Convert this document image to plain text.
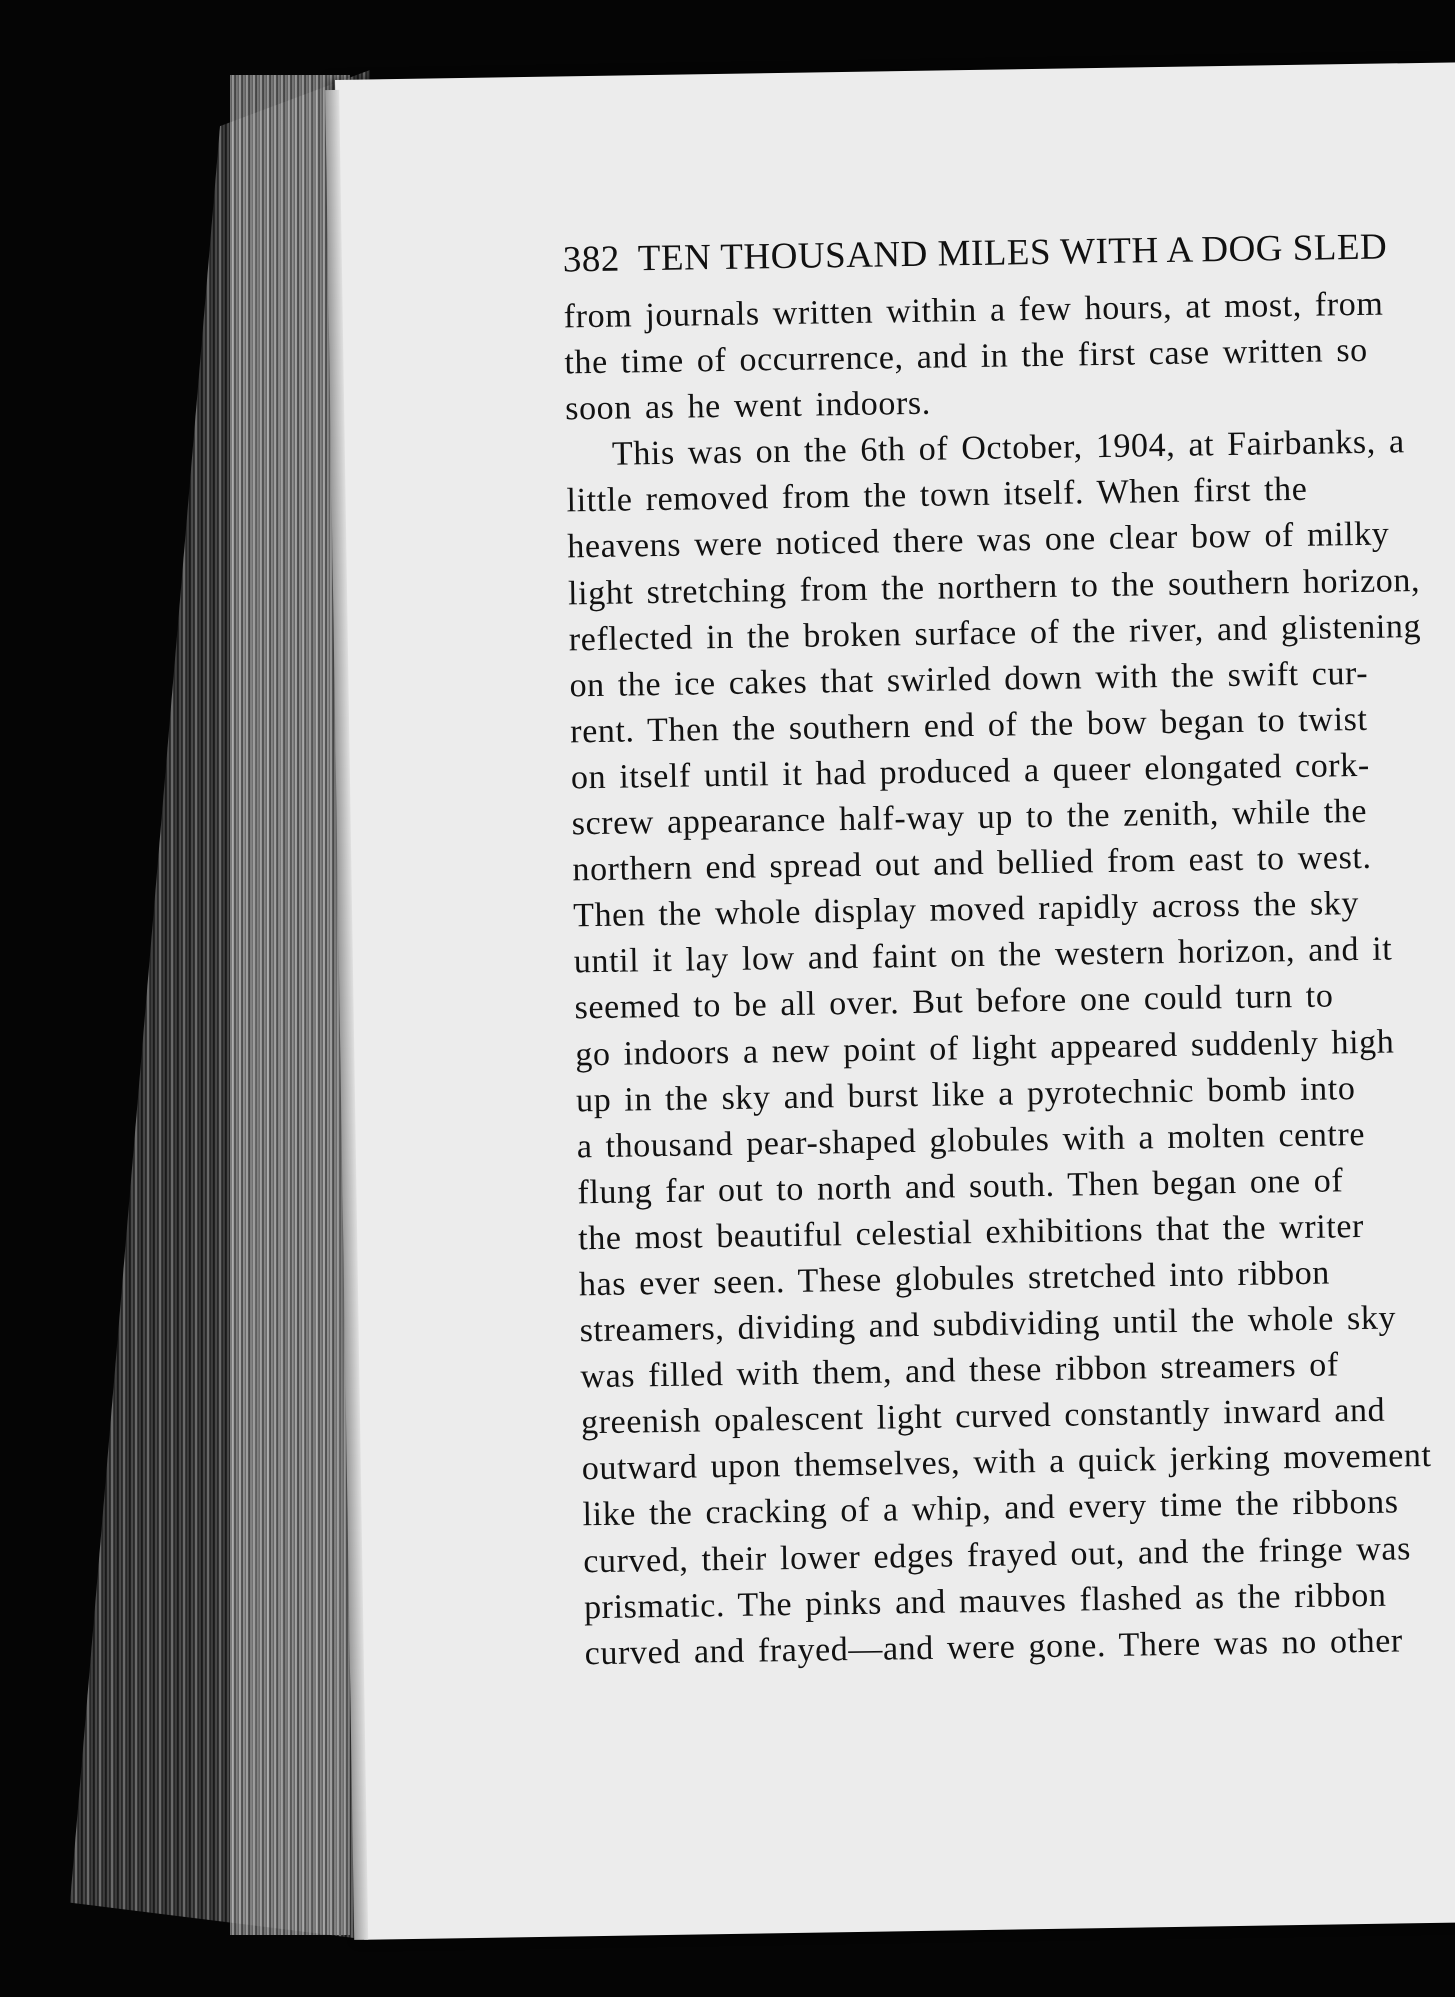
382 TEN THOUSAND MILES WITH A DOG SLED
from journals written within a few hours, at most, from
the time of occurrence, and in the first case written so
soon as he went indoors.
This was on the 6th of October, 1904, at Fairbanks, a
little removed from the town itself. When first the
heavens were noticed there was one clear bow of milky
light stretching from the northern to the southern horizon,
reflected in the broken surface of the river, and glistening
on the ice cakes that swirled down with the swift cur-
rent. Then the southern end of the bow began to twist
on itself until it had produced a queer elongated cork-
screw appearance half-way up to the zenith, while the
northern end spread out and bellied from east to west.
Then the whole display moved rapidly across the sky
until it lay low and faint on the western horizon, and it
seemed to be all over. But before one could turn to
go indoors a new point of light appeared suddenly high
up in the sky and burst like a pyrotechnic bomb into
a thousand pear-shaped globules with a molten centre
flung far out to north and south. Then began one of
the most beautiful celestial exhibitions that the writer
has ever seen. These globules stretched into ribbon
streamers, dividing and subdividing until the whole sky
was filled with them, and these ribbon streamers of
greenish opalescent light curved constantly inward and
outward upon themselves, with a quick jerking movement
like the cracking of a whip, and every time the ribbons
curved, their lower edges frayed out, and the fringe was
prismatic. The pinks and mauves flashed as the ribbon
curved and frayed—and were gone. There was no other
